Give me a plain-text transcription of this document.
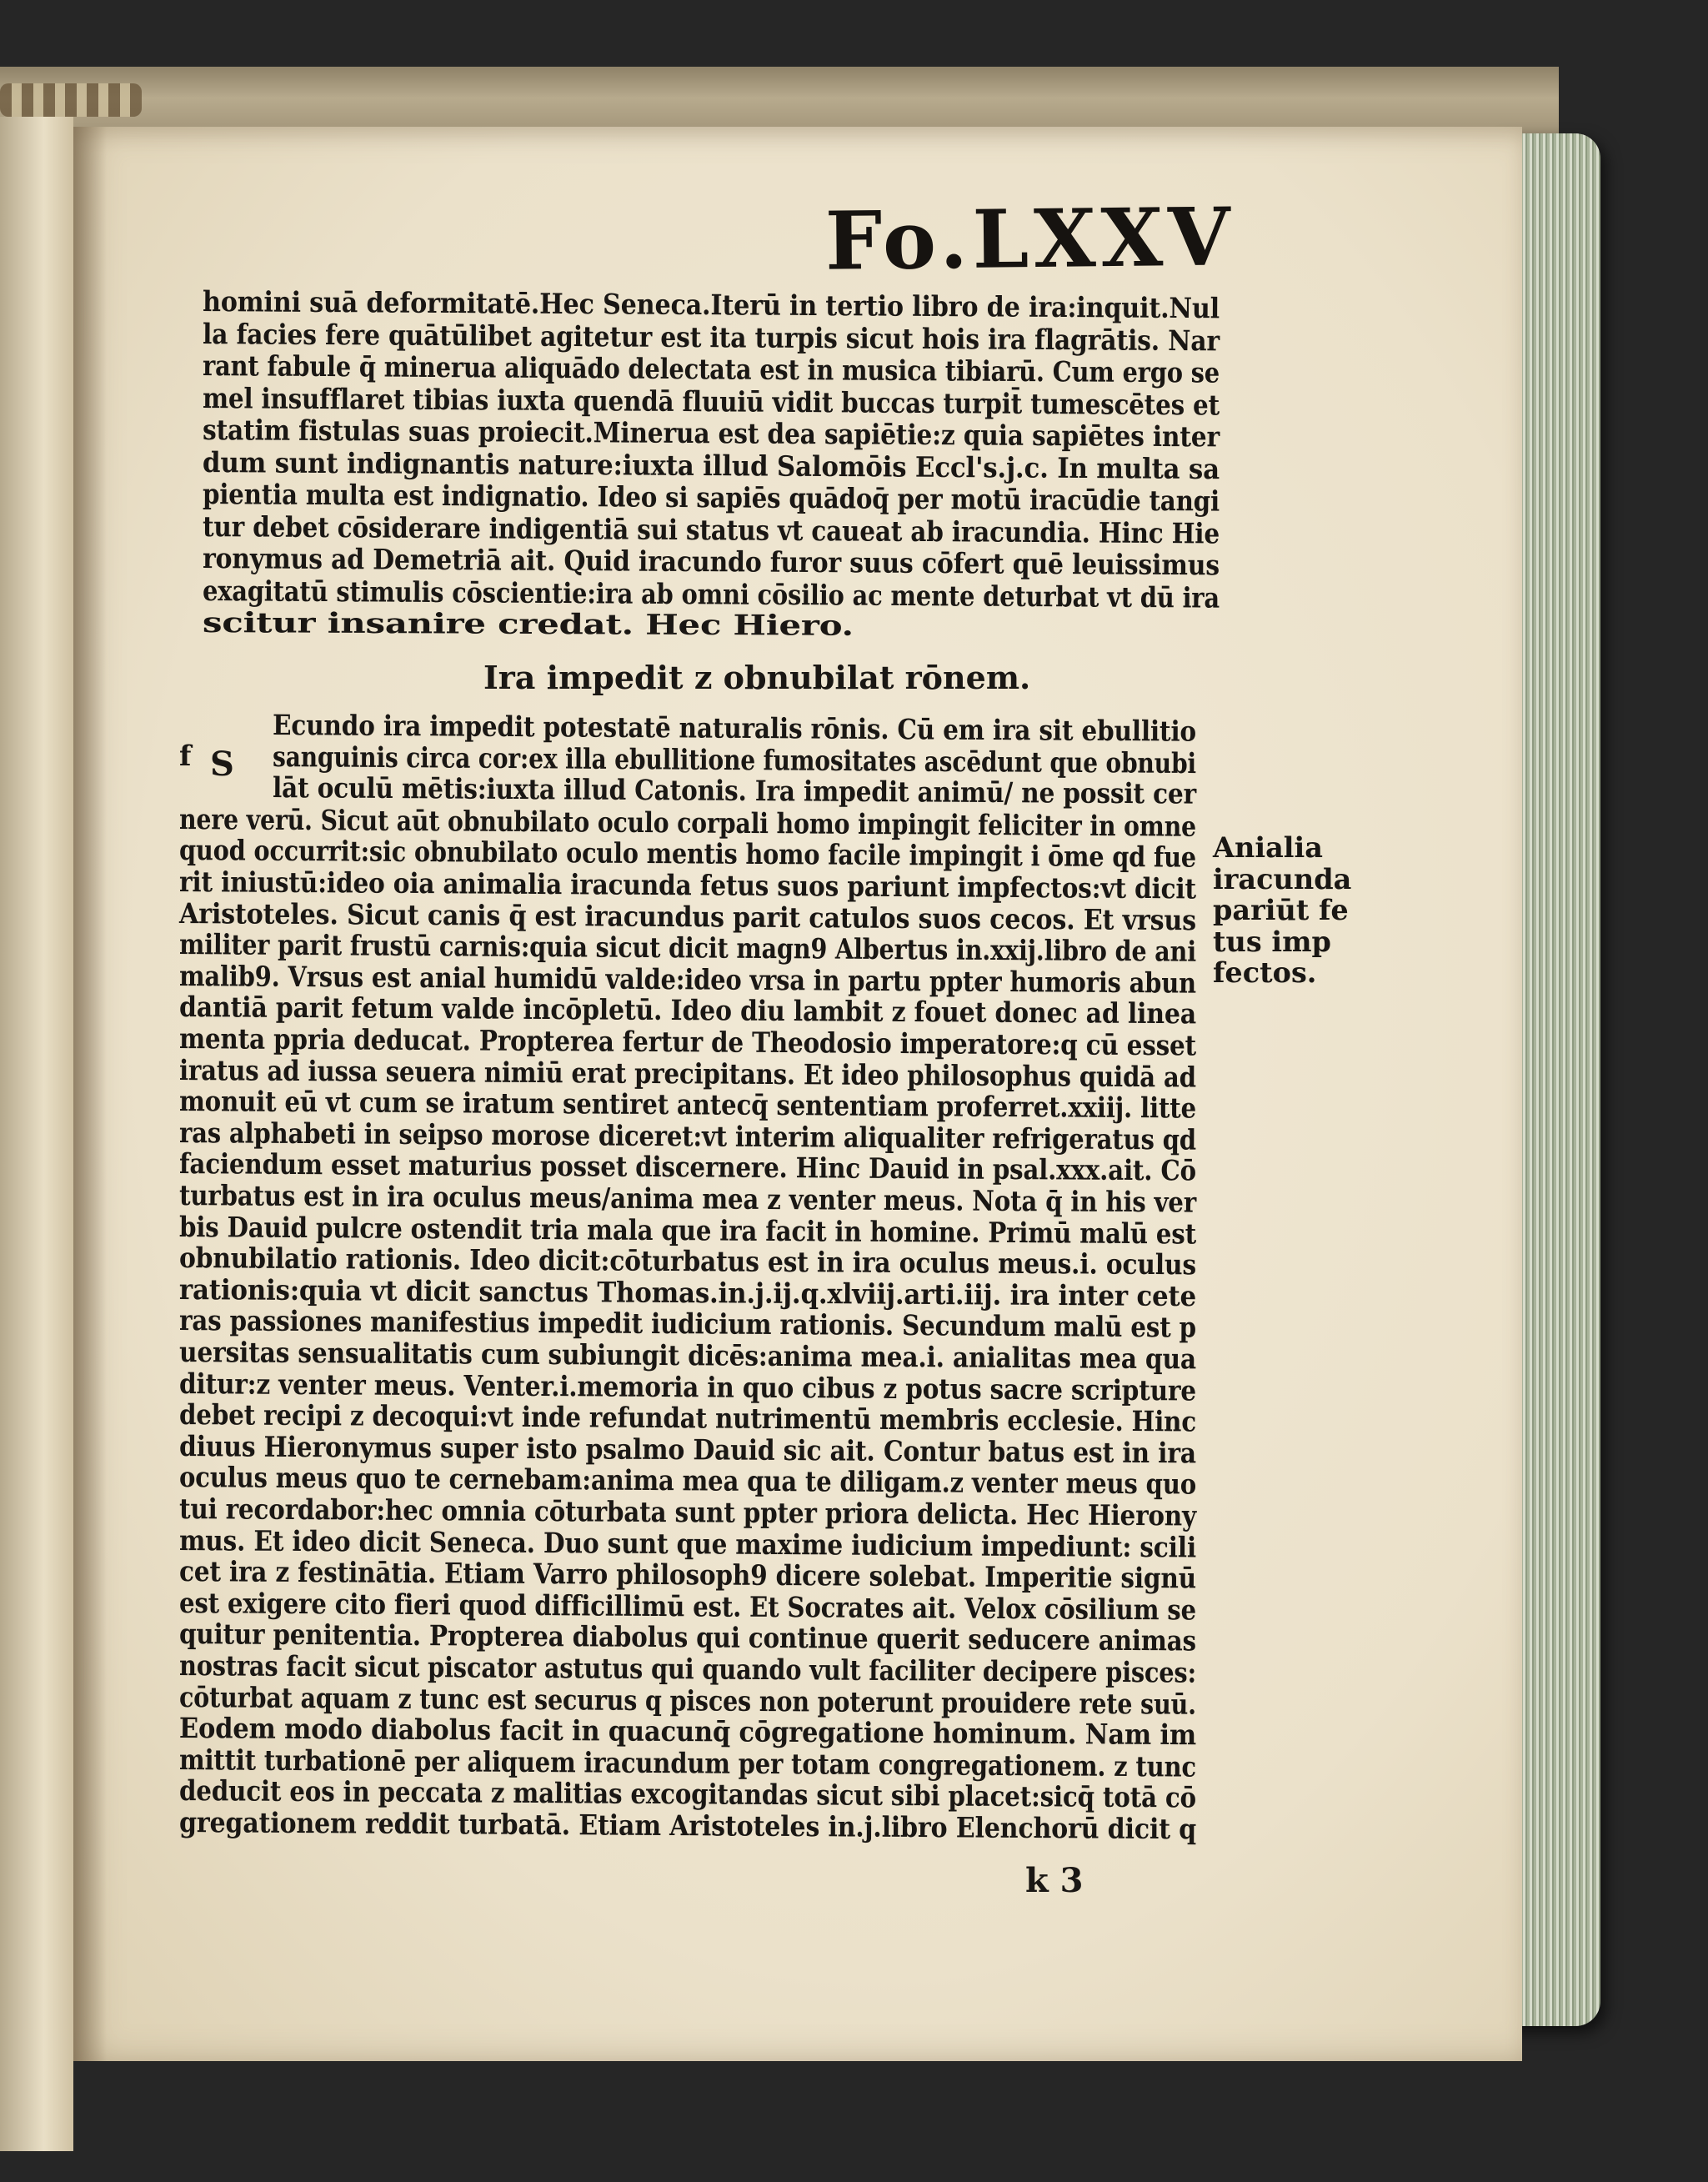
Fo.LXXV
homini suā deformitatē.Hec Seneca.Iterū in tertio libro de ira:inquit.Nul
la facies fere quātūlibet agitetur est ita turpis sicut hois ira flagrātis. Nar
rant fabule q̄ minerua aliquādo delectata est in musica tibiarū. Cum ergo se
mel insufflaret tibias iuxta quendā fluuiū vidit buccas turpit̄ tumescētes et
statim fistulas suas proiecit.Minerua est dea sapiētie:z quia sapiētes inter
dum sunt indignantis nature:iuxta illud Salomōis Eccl's.j.c. In multa sa
pientia multa est indignatio. Ideo si sapiēs quādoq̄ per motū iracūdie tangi
tur debet cōsiderare indigentiā sui status vt caueat ab iracundia. Hinc Hie
ronymus ad Demetriā ait. Quid iracundo furor suus cōfert quē leuissimus
exagitatū stimulis cōscientie:ira ab omni cōsilio ac mente deturbat vt dū ira
scitur insanire credat. Hec Hiero.
Ira impedit z obnubilat rōnem.
S
Ecundo ira impedit potestatē naturalis rōnis. Cū em ira sit ebullitio
sanguinis circa cor:ex illa ebullitione fumositates ascēdunt que obnubi
lāt oculū mētis:iuxta illud Catonis. Ira impedit animū/ ne possit cer
nere verū. Sicut aūt obnubilato oculo corpali homo impingit feliciter in omne
quod occurrit:sic obnubilato oculo mentis homo facile impingit i ōme qd fue
rit iniustū:ideo oia animalia iracunda fetus suos pariunt impfectos:vt dicit
Aristoteles. Sicut canis q̄ est iracundus parit catulos suos cecos. Et vrsus
militer parit frustū carnis:quia sicut dicit magn9 Albertus in.xxij.libro de ani
malib9. Vrsus est anial humidū valde:ideo vrsa in partu ppter humoris abun
dantiā parit fetum valde incōpletū. Ideo diu lambit z fouet donec ad linea
menta ppria deducat. Propterea fertur de Theodosio imperatore:q cū esset
iratus ad iussa seuera nimiū erat precipitans. Et ideo philosophus quidā ad
monuit eū vt cum se iratum sentiret antecq̄ sententiam proferret.xxiij. litte
ras alphabeti in seipso morose diceret:vt interim aliqualiter refrigeratus qd
faciendum esset maturius posset discernere. Hinc Dauid in psal.xxx.ait. Cō
turbatus est in ira oculus meus/anima mea z venter meus. Nota q̄ in his ver
bis Dauid pulcre ostendit tria mala que ira facit in homine. Primū malū est
obnubilatio rationis. Ideo dicit:cōturbatus est in ira oculus meus.i. oculus
rationis:quia vt dicit sanctus Thomas.in.j.ij.q.xlviij.arti.iij. ira inter cete
ras passiones manifestius impedit iudicium rationis. Secundum malū est p
uersitas sensualitatis cum subiungit dicēs:anima mea.i. anialitas mea qua
ditur:z venter meus. Venter.i.memoria in quo cibus z potus sacre scripture
debet recipi z decoqui:vt inde refundat nutrimentū membris ecclesie. Hinc
diuus Hieronymus super isto psalmo Dauid sic ait. Contur batus est in ira
oculus meus quo te cernebam:anima mea qua te diligam.z venter meus quo
tui recordabor:hec omnia cōturbata sunt ppter priora delicta. Hec Hierony
mus. Et ideo dicit Seneca. Duo sunt que maxime iudicium impediunt: scili
cet ira z festinātia. Etiam Varro philosoph9 dicere solebat. Imperitie signū
est exigere cito fieri quod difficillimū est. Et Socrates ait. Velox cōsilium se
quitur penitentia. Propterea diabolus qui continue querit seducere animas
nostras facit sicut piscator astutus qui quando vult faciliter decipere pisces:
cōturbat aquam z tunc est securus q pisces non poterunt prouidere rete suū.
Eodem modo diabolus facit in quacunq̄ cōgregatione hominum. Nam im
mittit turbationē per aliquem iracundum per totam congregationem. z tunc
deducit eos in peccata z malitias excogitandas sicut sibi placet:sicq̄ totā cō
gregationem reddit turbatā. Etiam Aristoteles in.j.libro Elenchorū dicit q
f
Anialia
iracunda
pariūt fe
tus imp
fectos.
k 3
